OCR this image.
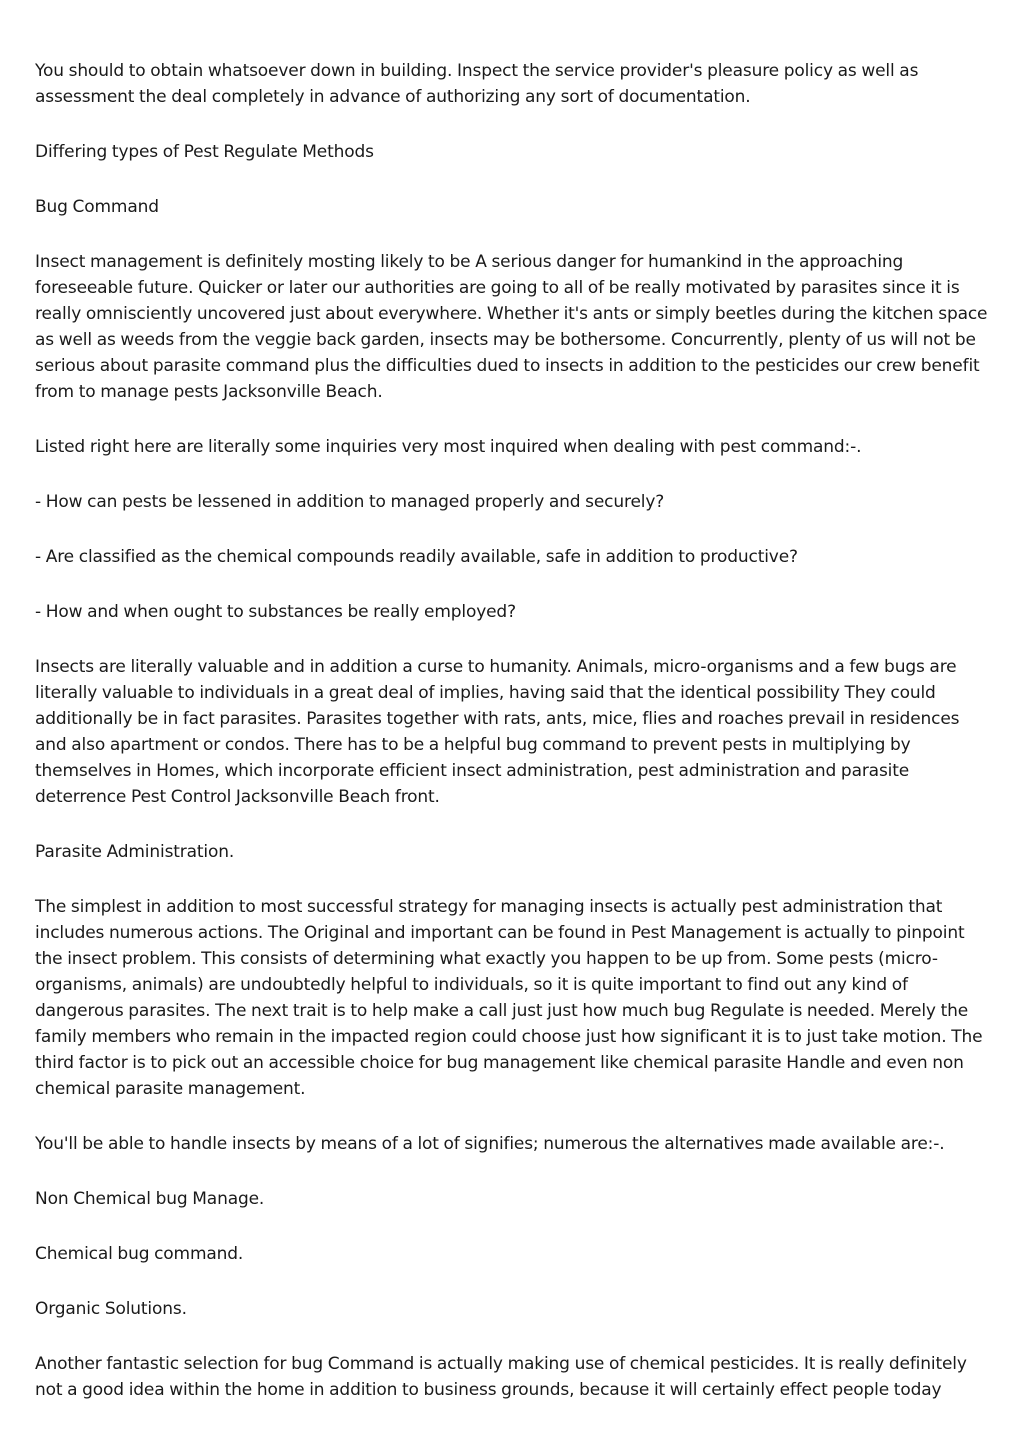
You should to obtain whatsoever down in building. Inspect the service provider's pleasure policy as well as assessment the deal completely in advance of authorizing any sort of documentation.

Differing types of Pest Regulate Methods

Bug Command

Insect management is definitely mosting likely to be A serious danger for humankind in the approaching foreseeable future. Quicker or later our authorities are going to all of be really motivated by parasites since it is really omnisciently uncovered just about everywhere. Whether it's ants or simply beetles during the kitchen space as well as weeds from the veggie back garden, insects may be bothersome. Concurrently, plenty of us will not be serious about parasite command plus the difficulties dued to insects in addition to the pesticides our crew benefit from to manage pests Jacksonville Beach.

Listed right here are literally some inquiries very most inquired when dealing with pest command:-.

- How can pests be lessened in addition to managed properly and securely?

- Are classified as the chemical compounds readily available, safe in addition to productive?

- How and when ought to substances be really employed?

Insects are literally valuable and in addition a curse to humanity. Animals, micro-organisms and a few bugs are literally valuable to individuals in a great deal of implies, having said that the identical possibility They could additionally be in fact parasites. Parasites together with rats, ants, mice, flies and roaches prevail in residences and also apartment or condos. There has to be a helpful bug command to prevent pests in multiplying by themselves in Homes, which incorporate efficient insect administration, pest administration and parasite deterrence Pest Control Jacksonville Beach front.

Parasite Administration.

The simplest in addition to most successful strategy for managing insects is actually pest administration that includes numerous actions. The Original and important can be found in Pest Management is actually to pinpoint the insect problem. This consists of determining what exactly you happen to be up from. Some pests (micro-organisms, animals) are undoubtedly helpful to individuals, so it is quite important to find out any kind of dangerous parasites. The next trait is to help make a call just just how much bug Regulate is needed. Merely the family members who remain in the impacted region could choose just how significant it is to just take motion. The third factor is to pick out an accessible choice for bug management like chemical parasite Handle and even non chemical parasite management.

You'll be able to handle insects by means of a lot of signifies; numerous the alternatives made available are:-.

Non Chemical bug Manage.

Chemical bug command.

Organic Solutions.

Another fantastic selection for bug Command is actually making use of chemical pesticides. It is really definitely not a good idea within the home in addition to business grounds, because it will certainly effect people today
